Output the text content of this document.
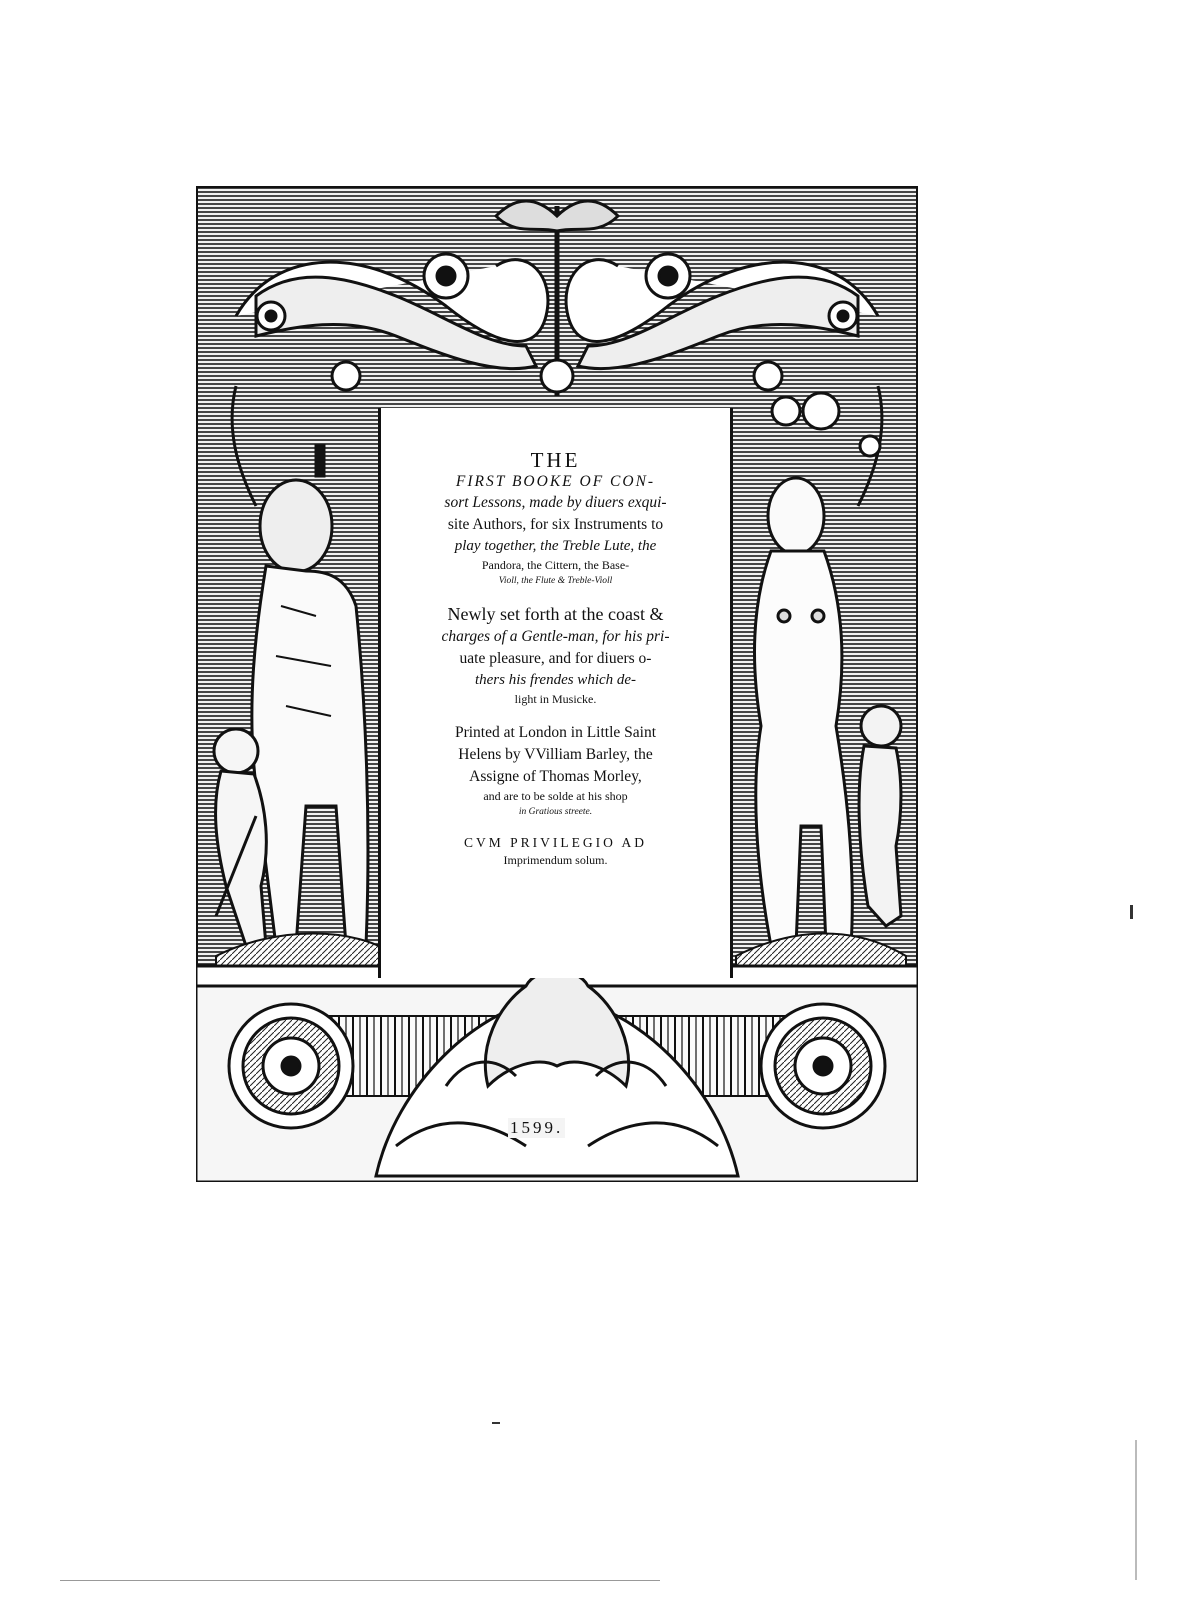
THE
FIRST BOOKE OF CON-
sort Lessons, made by diuers exqui-
site Authors, for six Instruments to
play together, the Treble Lute, the
Pandora, the Cittern, the Base-
Violl, the Flute & Treble-Violl
Newly set forth at the coast &
charges of a Gentle-man, for his pri-
uate pleasure, and for diuers o-
thers his frendes which de-
light in Musicke.
Printed at London in Little Saint
Helens by VVilliam Barley, the
Assigne of Thomas Morley,
and are to be solde at his shop
in Gratious streete.
CVM PRIVILEGIO AD
Imprimendum solum.
1599.
